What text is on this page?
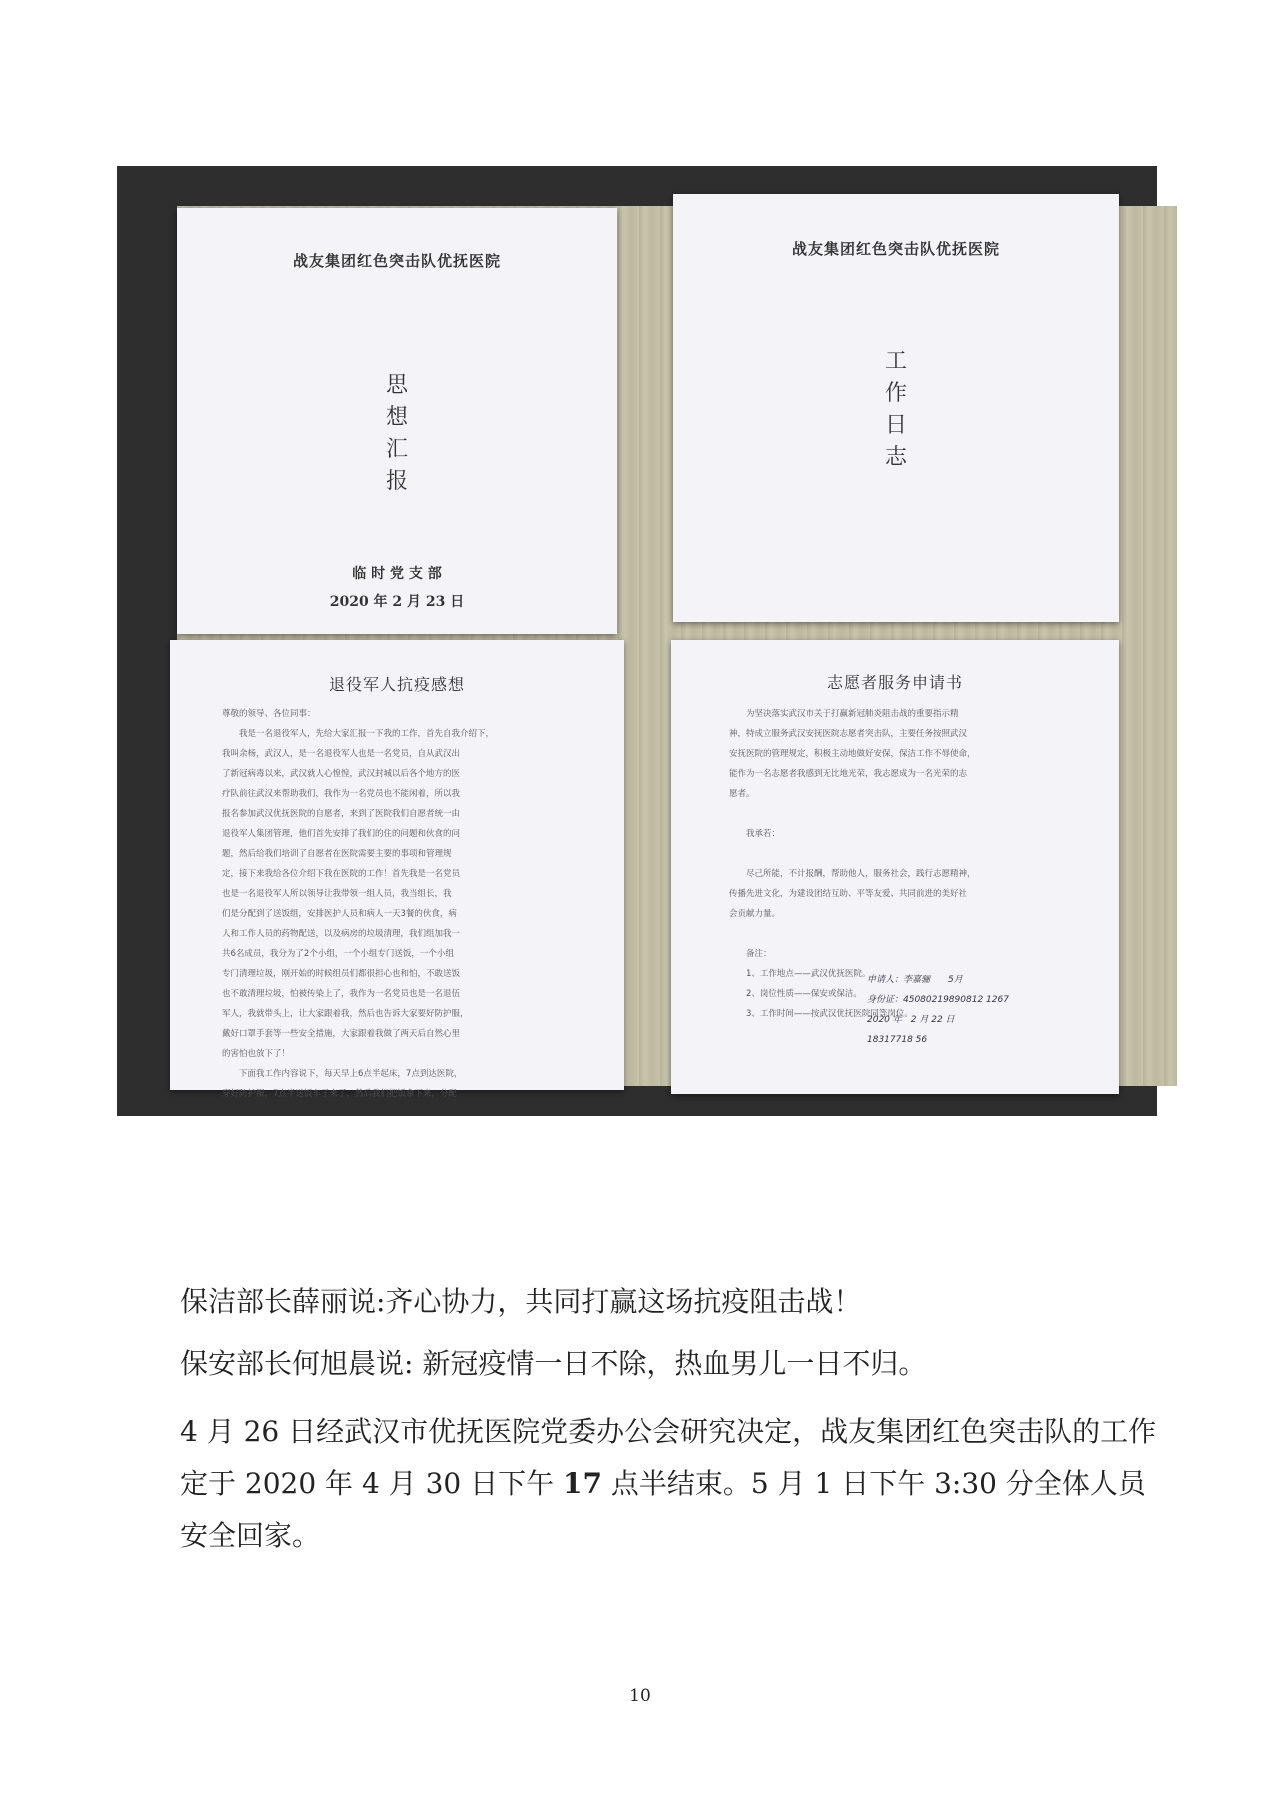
战友集团红色突击队优抚医院
思
想
汇
报
临 时 党 支 部
2020 年 2 月 23 日
战友集团红色突击队优抚医院
工
作
日
志
退役军人抗疫感想

尊敬的领导、各位同事：

　　我是一名退役军人，先给大家汇报一下我的工作，首先自我介绍下，

我叫余杨，武汉人，是一名退役军人也是一名党员，自从武汉出

了新冠病毒以来，武汉就人心惶惶，武汉封城以后各个地方的医

疗队前往武汉来帮助我们，我作为一名党员也不能闲着，所以我

报名参加武汉优抚医院的自愿者，来到了医院我们自愿者统一由

退役军人集团管理，他们首先安排了我们的住的问题和伙食的问

题，然后给我们培训了自愿者在医院需要主要的事项和管理规

定，接下来我给各位介绍下我在医院的工作！首先我是一名党员

也是一名退役军人所以领导让我带领一组人员，我当组长，我

们是分配到了送饭组，安排医护人员和病人一天3餐的伙食，病

人和工作人员的药物配送，以及病房的垃圾清理，我们组加我一

共6名成员，我分为了2个小组，一个小组专门送饭，一个小组

专门清理垃圾，刚开始的时候组员们都很担心也和怕，不敢送饭

也不敢清理垃圾，怕被传染上了，我作为一名党员也是一名退伍

军人，我就带头上，让大家跟着我，然后也告诉大家要好防护服，

戴好口罩手套等一些安全措施，大家跟着我做了两天后自然心里

的害怕也放下了！

　　下面我工作内容说下，每天早上6点半起床，7点到达医院，

穿好防护服，7点半送饭车子来了，然后我们把饭拿下来，分配

志愿者服务申请书

　　为坚决落实武汉市关于打赢新冠肺炎阻击战的重要指示精

神，特成立服务武汉安抚医院志愿者突击队，主要任务按照武汉

安抚医院的管理规定，积极主动地做好安保，保洁工作不辱使命，

能作为一名志愿者我感到无比地光荣，我志愿成为一名光荣的志

愿者。

　　我承若：

　　尽己所能，不计报酬，帮助他人，服务社会，践行志愿精神，

传播先进文化，为建设团结互助、平等友爱、共同前进的美好社

会贡献力量。

　　备注：

　　1、工作地点——武汉优抚医院。

　　2、岗位性质——保安或保洁。

　　3、工作时间——按武汉优抚医院同等岗位。

申请人：李嘉骊　　5月
身份证：45080219890812 1267
2020 年　2 月 22 日
18317718 56

保洁部长薛丽说:齐心协力，共同打赢这场抗疫阻击战！

保安部长何旭晨说: 新冠疫情一日不除，热血男儿一日不归。

4 月 26 日经武汉市优抚医院党委办公会研究决定，战友集团红色突击队的工作定于 2020 年 4 月 30 日下午 17 点半结束。5 月 1 日下午 3:30 分全体人员安全回家。

10
